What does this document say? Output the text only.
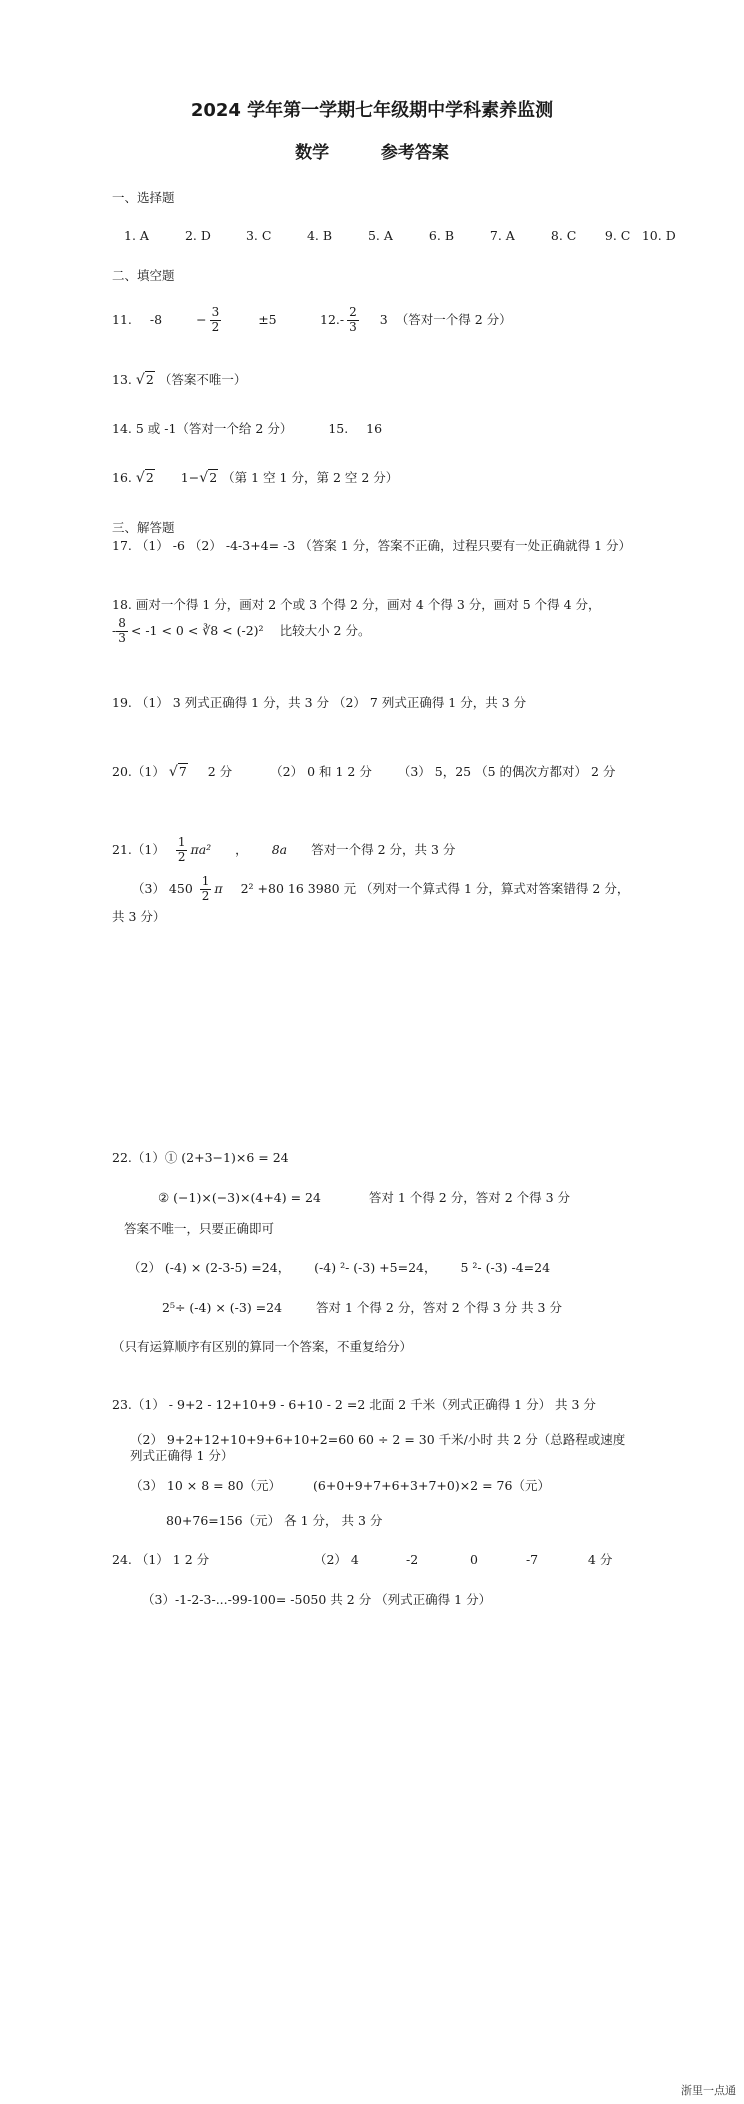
2024 学年第一学期七年级期中学科素养监测
数学	参考答案
一、选择题
1. A	2. D	3. C	4. B	5. A	6. B	7. A	8. C 9. C 10. D
二、填空题
11. -8	− $\frac{3}{2}$	±5	12. - $\frac{2}{3} 3$ （答对一个得 2 分）
13. √ 2 （答案不唯一）
14. 5 或 -1（答对一个给 2 分）	15. 16
16. √ 2 1− √ 2 （第 1 空 1 分，第 2 空 2 分）
三、解答题
17. （1） -6 （2） -4-3+4= -3 （答案 1 分，答案不正确，过程只要有一处正确就得 1 分）
18. 画对一个得 1 分，画对 2 个或 3 个得 2 分，画对 4 个得 3 分，画对 5 个得 4 分，
- $\frac{8}{3} < -1 < 0$ < ∛8 < (-2)² 比较大小 2 分。
19. （1） 3 列式正确得 1 分，共 3 分 （2） 7 列式正确得 1 分，共 3 分
20.（1） √ 7 2 分	（2） 0 和 1 2 分 （3） 5，25 （5 的偶次方都对） 2 分
$21.(1) \frac{1}{2} \pi a^2$ ， 8a 答对一个得 2 分，共 3 分
（3） $450 \frac{1}{2}$ π 2² +80 16 3980 元 （列对一个算式得 1 分，算式对答案错得 2 分，共 3 分）
22.（1）① (2+3−1)×6 = 24
② (−1)×(−3)×(4+4) = 24	答对 1 个得 2 分，答对 2 个得 3 分
答案不唯一，只要正确即可
（2） (-4) × (2-3-5) =24， (-4) ²- (-3) +5=24， 5 ²- (-3) -4=24
2⁵÷ (-4) × (-3) =24	答对 1 个得 2 分，答对 2 个得 3 分 共 3 分
（只有运算顺序有区别的算同一个答案，不重复给分）
23.（1） - 9+2 - 12+10+9 - 6+10 - 2 =2 北面 2 千米（列式正确得 1 分） 共 3 分
（2） 9+2+12+10+9+6+10+2=60 60 ÷ 2 = 30 千米/小时 共 2 分（总路程或速度列式正确得 1 分）
（3） 10 × 8 = 80（元）	(6+0+9+7+6+3+7+0)×2 = 76（元）
80+76=156（元） 各 1 分， 共 3 分
24. （1） 1 2 分	（2） 4	-2	0	-7	4 分
（3）-1-2-3-...-99-100= -5050 共 2 分 （列式正确得 1 分）
浙里一点通
